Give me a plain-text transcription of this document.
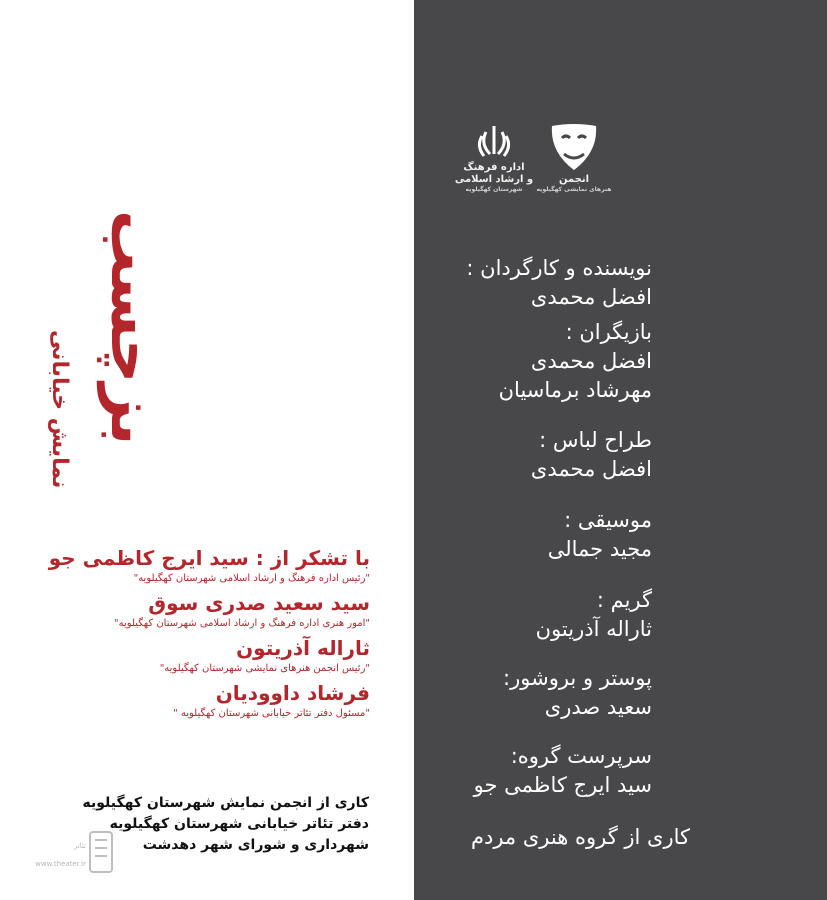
بزچسب
نمایش خیابانی
با تشکر از : سید ایرج کاظمی جو
"رئیس اداره فرهنگ و ارشاد اسلامی شهرستان کهگیلویه"
سید سعید صدری سوق
"امور هنری اداره فرهنگ و ارشاد اسلامی شهرستان کهگیلویه"
ثاراله آذریتون
"رئیس انجمن هنرهای نمایشی شهرستان کهگیلویه"
فرشاد داوودیان
"مسئول دفتر تئاتر خیابانی شهرستان کهگیلویه "
کاری از انجمن نمایش شهرستان کهگیلویه
دفتر تئاتر خیابانی شهرستان کهگیلویه
شهرداری و شورای شهر دهدشت
تئاتر
www.theater.ir
انجمن
هنرهای نمایشی کهگیلویه
اداره فرهنگ
و ارشاد اسلامی
شهرستان کهگیلویه
نویسنده و کارگردان :
افضل محمدی
بازیگران :
افضل محمدی
مهرشاد برماسیان
طراح لباس :
افضل محمدی
موسیقی :
مجید جمالی
گریم :
ثاراله آذریتون
پوستر و بروشور:
سعید صدری
سرپرست گروه:
سید ایرج کاظمی جو
کاری از گروه هنری مردم
